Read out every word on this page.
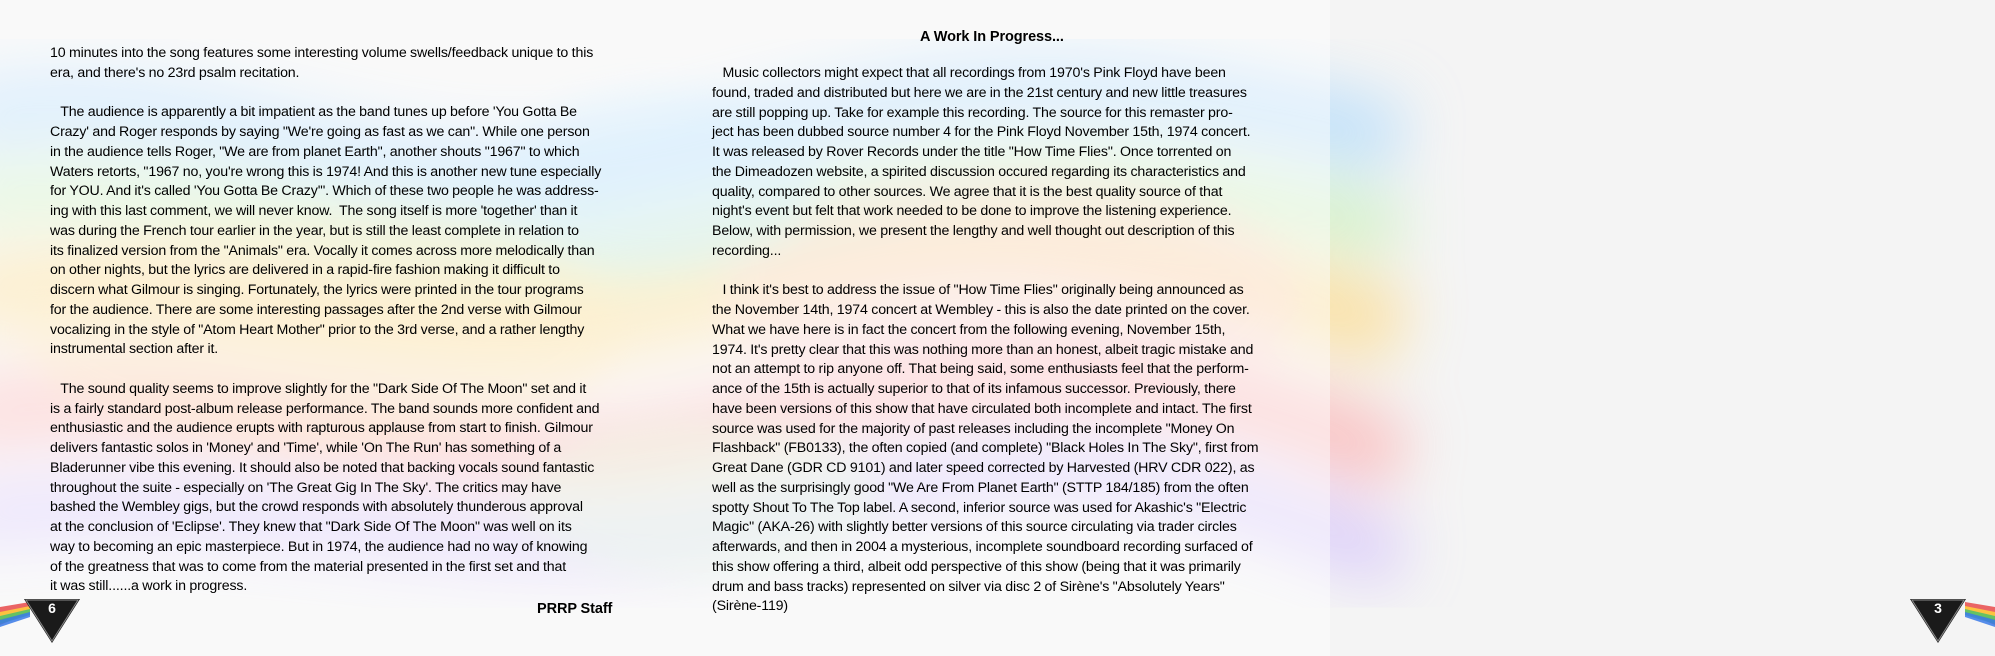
10 minutes into the song features some interesting volume swells/feedback unique to this

era, and there's no 23rd psalm recitation.

The audience is apparently a bit impatient as the band tunes up before 'You Gotta Be

Crazy' and Roger responds by saying "We're going as fast as we can". While one person

in the audience tells Roger, "We are from planet Earth", another shouts "1967" to which

Waters retorts, "1967 no, you're wrong this is 1974! And this is another new tune especially

for YOU. And it's called 'You Gotta Be Crazy'". Which of these two people he was address-

ing with this last comment, we will never know.  The song itself is more 'together' than it

was during the French tour earlier in the year, but is still the least complete in relation to

its finalized version from the "Animals" era. Vocally it comes across more melodically than

on other nights, but the lyrics are delivered in a rapid-fire fashion making it difficult to

discern what Gilmour is singing. Fortunately, the lyrics were printed in the tour programs

for the audience. There are some interesting passages after the 2nd verse with Gilmour

vocalizing in the style of "Atom Heart Mother" prior to the 3rd verse, and a rather lengthy

instrumental section after it.

The sound quality seems to improve slightly for the "Dark Side Of The Moon" set and it

is a fairly standard post-album release performance. The band sounds more confident and

enthusiastic and the audience erupts with rapturous applause from start to finish. Gilmour

delivers fantastic solos in 'Money' and 'Time', while 'On The Run' has something of a

Bladerunner vibe this evening. It should also be noted that backing vocals sound fantastic

throughout the suite - especially on 'The Great Gig In The Sky'. The critics may have

bashed the Wembley gigs, but the crowd responds with absolutely thunderous approval

at the conclusion of 'Eclipse'. They knew that "Dark Side Of The Moon" was well on its

way to becoming an epic masterpiece. But in 1974, the audience had no way of knowing

of the greatness that was to come from the material presented in the first set and that

it was still......a work in progress.

PRRP Staff
6
A Work In Progress...

Music collectors might expect that all recordings from 1970's Pink Floyd have been

found, traded and distributed but here we are in the 21st century and new little treasures

are still popping up. Take for example this recording. The source for this remaster pro-

ject has been dubbed source number 4 for the Pink Floyd November 15th, 1974 concert.

It was released by Rover Records under the title "How Time Flies". Once torrented on

the Dimeadozen website, a spirited discussion occured regarding its characteristics and

quality, compared to other sources. We agree that it is the best quality source of that

night's event but felt that work needed to be done to improve the listening experience.

Below, with permission, we present the lengthy and well thought out description of this

recording...

I think it's best to address the issue of "How Time Flies" originally being announced as

the November 14th, 1974 concert at Wembley - this is also the date printed on the cover.

What we have here is in fact the concert from the following evening, November 15th,

1974. It's pretty clear that this was nothing more than an honest, albeit tragic mistake and

not an attempt to rip anyone off. That being said, some enthusiasts feel that the perform-

ance of the 15th is actually superior to that of its infamous successor. Previously, there

have been versions of this show that have circulated both incomplete and intact. The first

source was used for the majority of past releases including the incomplete "Money On

Flashback" (FB0133), the often copied (and complete) "Black Holes In The Sky", first from

Great Dane (GDR CD 9101) and later speed corrected by Harvested (HRV CDR 022), as

well as the surprisingly good "We Are From Planet Earth" (STTP 184/185) from the often

spotty Shout To The Top label. A second, inferior source was used for Akashic's "Electric

Magic" (AKA-26) with slightly better versions of this source circulating via trader circles

afterwards, and then in 2004 a mysterious, incomplete soundboard recording surfaced of

this show offering a third, albeit odd perspective of this show (being that it was primarily

drum and bass tracks) represented on silver via disc 2 of Sirène's "Absolutely Years"

(Sirène-119)	3
